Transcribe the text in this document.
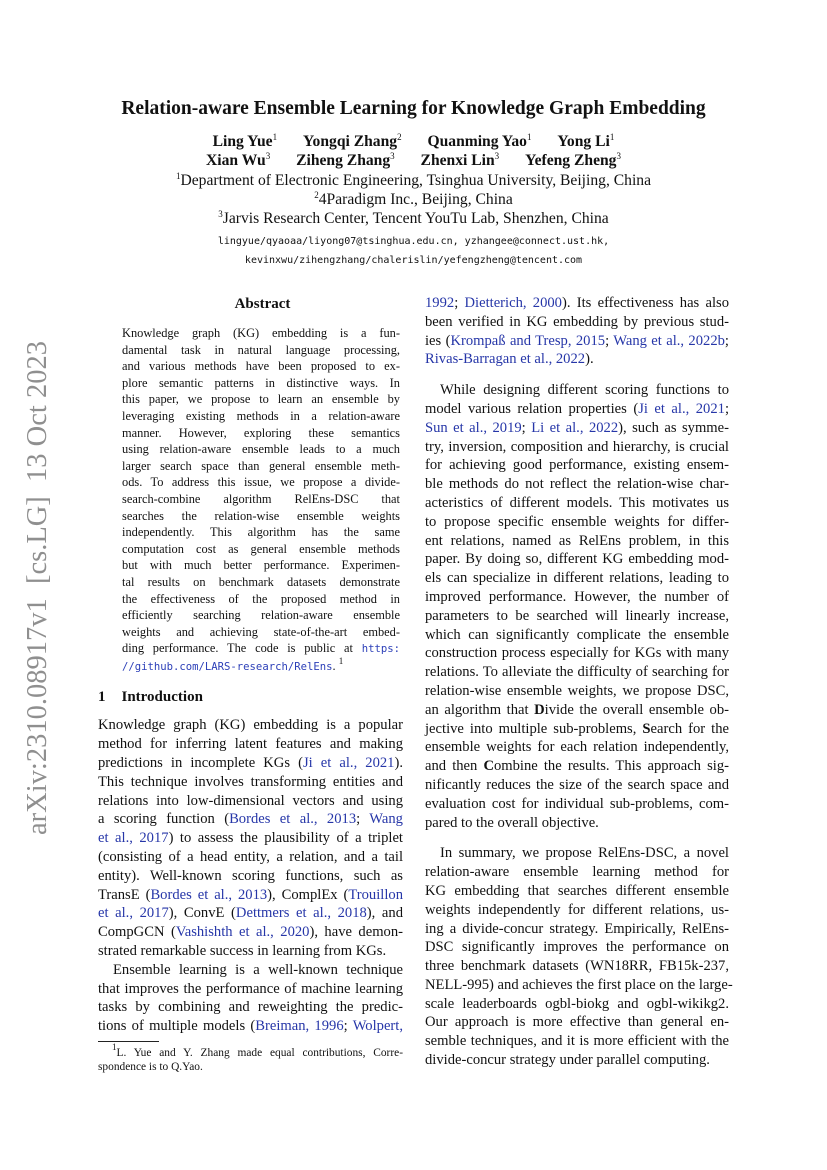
arXiv:2310.08917v1  [cs.LG]  13 Oct 2023
Relation-aware Ensemble Learning for Knowledge Graph Embedding
Ling Yue$^1$ Yongqi Zhang$^2$ Quanming Yao$^1$ Yong Li$^1$
Xian Wu$^3$ Ziheng Zhang$^3$ Zhenxi Lin$^3$ Yefeng Zheng$^3$
$^1$Department of Electronic Engineering, Tsinghua University, Beijing, China
$^2$4Paradigm Inc., Beijing, China
$^3$Jarvis Research Center, Tencent YouTu Lab, Shenzhen, China
lingyue/qyaoaa/liyong07@tsinghua.edu.cn, yzhangee@connect.ust.hk,
kevinxwu/zihengzhang/chalerislin/yefengzheng@tencent.com
Abstract
Knowledge graph (KG) embedding is a fun-
damental task in natural language processing,
and various methods have been proposed to ex-
plore semantic patterns in distinctive ways. In
this paper, we propose to learn an ensemble by
leveraging existing methods in a relation-aware
manner. However, exploring these semantics
using relation-aware ensemble leads to a much
larger search space than general ensemble meth-
ods. To address this issue, we propose a divide-
search-combine algorithm RelEns-DSC that
searches the relation-wise ensemble weights
independently. This algorithm has the same
computation cost as general ensemble methods
but with much better performance. Experimen-
tal results on benchmark datasets demonstrate
the effectiveness of the proposed method in
efficiently searching relation-aware ensemble
weights and achieving state-of-the-art embed-
ding performance. The code is public at https:
//github.com/LARS-research/RelEns. $^1$
1 Introduction
Knowledge graph (KG) embedding is a popular
method for inferring latent features and making
predictions in incomplete KGs (Ji et al., 2021).
This technique involves transforming entities and
relations into low-dimensional vectors and using
a scoring function (Bordes et al., 2013; Wang
et al., 2017) to assess the plausibility of a triplet
(consisting of a head entity, a relation, and a tail
entity). Well-known scoring functions, such as
TransE (Bordes et al., 2013), ComplEx (Trouillon
et al., 2017), ConvE (Dettmers et al., 2018), and
CompGCN (Vashishth et al., 2020), have demon-
strated remarkable success in learning from KGs.
Ensemble learning is a well-known technique
that improves the performance of machine learning
tasks by combining and reweighting the predic-
tions of multiple models (Breiman, 1996; Wolpert,
1992; Dietterich, 2000). Its effectiveness has also
been verified in KG embedding by previous stud-
ies (Krompaß and Tresp, 2015; Wang et al., 2022b;
Rivas-Barragan et al., 2022).
While designing different scoring functions to
model various relation properties (Ji et al., 2021;
Sun et al., 2019; Li et al., 2022), such as symme-
try, inversion, composition and hierarchy, is crucial
for achieving good performance, existing ensem-
ble methods do not reflect the relation-wise char-
acteristics of different models. This motivates us
to propose specific ensemble weights for differ-
ent relations, named as RelEns problem, in this
paper. By doing so, different KG embedding mod-
els can specialize in different relations, leading to
improved performance. However, the number of
parameters to be searched will linearly increase,
which can significantly complicate the ensemble
construction process especially for KGs with many
relations. To alleviate the difficulty of searching for
relation-wise ensemble weights, we propose DSC,
an algorithm that Divide the overall ensemble ob-
jective into multiple sub-problems, Search for the
ensemble weights for each relation independently,
and then Combine the results. This approach sig-
nificantly reduces the size of the search space and
evaluation cost for individual sub-problems, com-
pared to the overall objective.
In summary, we propose RelEns-DSC, a novel
relation-aware ensemble learning method for
KG embedding that searches different ensemble
weights independently for different relations, us-
ing a divide-concur strategy. Empirically, RelEns-
DSC significantly improves the performance on
three benchmark datasets (WN18RR, FB15k-237,
NELL-995) and achieves the first place on the large-
scale leaderboards ogbl-biokg and ogbl-wikikg2.
Our approach is more effective than general en-
semble techniques, and it is more efficient with the
divide-concur strategy under parallel computing.
$^1$L. Yue and Y. Zhang made equal contributions, Corre-
spondence is to Q.Yao.
